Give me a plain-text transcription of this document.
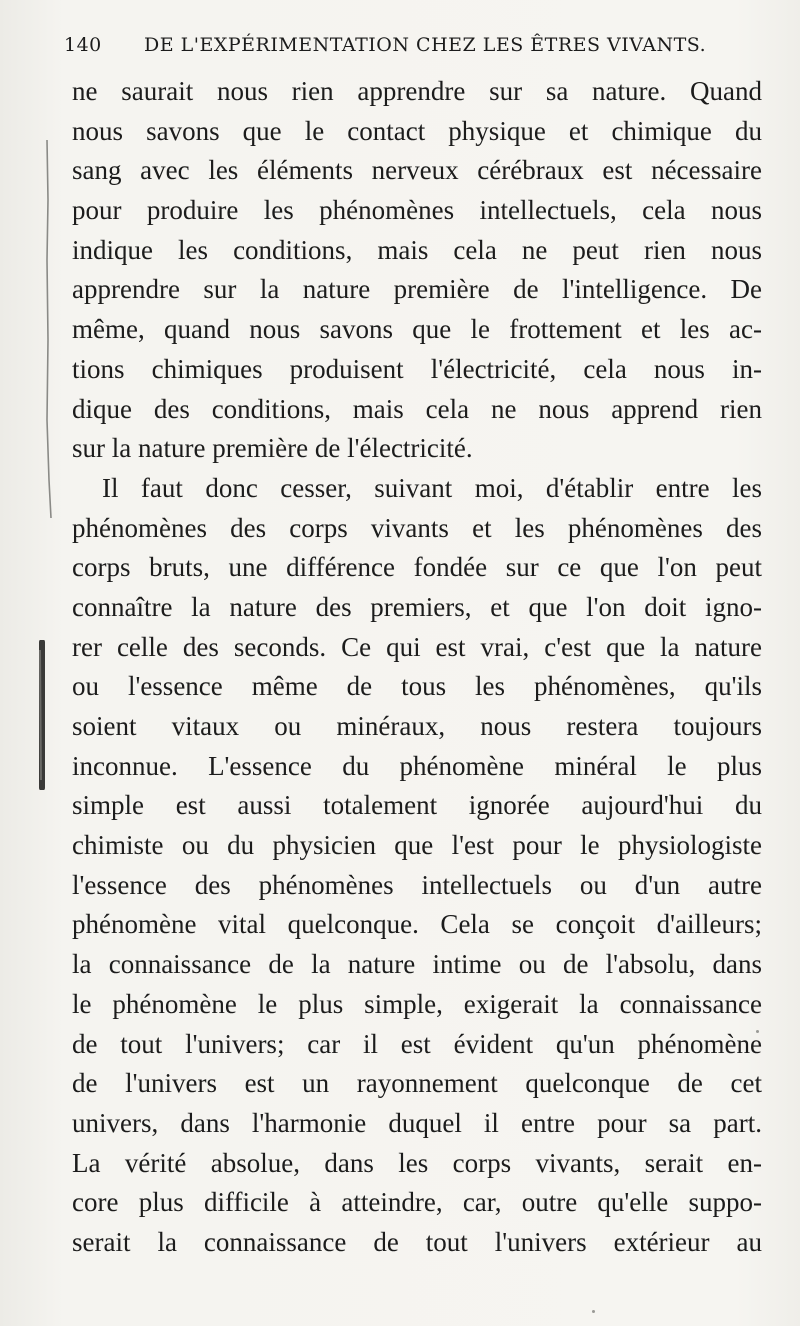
140 DE L'EXPÉRIMENTATION CHEZ LES ÊTRES VIVANTS.
ne saurait nous rien apprendre sur sa nature. Quand
nous savons que le contact physique et chimique du
sang avec les éléments nerveux cérébraux est nécessaire
pour produire les phénomènes intellectuels, cela nous
indique les conditions, mais cela ne peut rien nous
apprendre sur la nature première de l'intelligence. De
même, quand nous savons que le frottement et les ac-
tions chimiques produisent l'électricité, cela nous in-
dique des conditions, mais cela ne nous apprend rien
sur la nature première de l'électricité.
Il faut donc cesser, suivant moi, d'établir entre les
phénomènes des corps vivants et les phénomènes des
corps bruts, une différence fondée sur ce que l'on peut
connaître la nature des premiers, et que l'on doit igno-
rer celle des seconds. Ce qui est vrai, c'est que la nature
ou l'essence même de tous les phénomènes, qu'ils
soient vitaux ou minéraux, nous restera toujours
inconnue. L'essence du phénomène minéral le plus
simple est aussi totalement ignorée aujourd'hui du
chimiste ou du physicien que l'est pour le physiologiste
l'essence des phénomènes intellectuels ou d'un autre
phénomène vital quelconque. Cela se conçoit d'ailleurs;
la connaissance de la nature intime ou de l'absolu, dans
le phénomène le plus simple, exigerait la connaissance
de tout l'univers; car il est évident qu'un phénomène
de l'univers est un rayonnement quelconque de cet
univers, dans l'harmonie duquel il entre pour sa part.
La vérité absolue, dans les corps vivants, serait en-
core plus difficile à atteindre, car, outre qu'elle suppo-
serait la connaissance de tout l'univers extérieur au
